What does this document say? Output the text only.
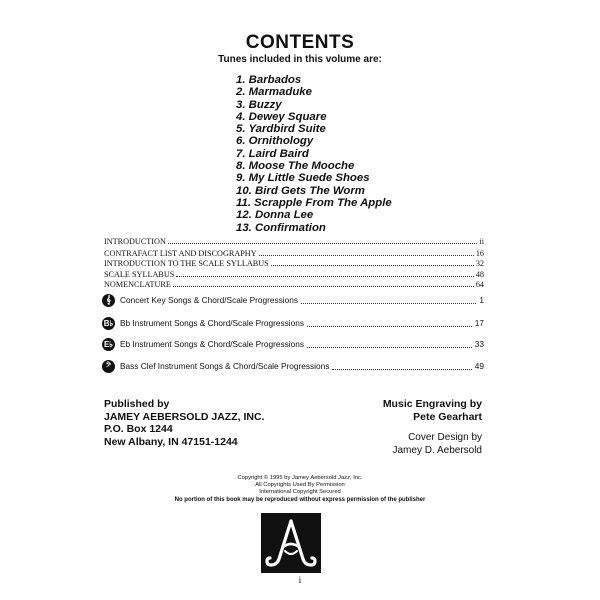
CONTENTS
Tunes included in this volume are:
1. Barbados
2. Marmaduke
3. Buzzy
4. Dewey Square
5. Yardbird Suite
6. Ornithology
7. Laird Baird
8. Moose The Mooche
9. My Little Suede Shoes
10. Bird Gets The Worm
11. Scrapple From The Apple
12. Donna Lee
13. Confirmation
INTRODUCTION	ii
CONTRAFACT LIST AND DISCOGRAPHY	16
INTRODUCTION TO THE SCALE SYLLABUS	32
SCALE SYLLABUS	48
NOMENCLATURE	64
𝄞	Concert Key Songs & Chord/Scale Progressions	1
B♭ Bb Instrument Songs & Chord/Scale Progressions	17
E♭ Eb Instrument Songs & Chord/Scale Progressions	33
𝄢	Bass Clef Instrument Songs & Chord/Scale Progressions	49
Published by
JAMEY AEBERSOLD JAZZ, INC.
P.O. Box 1244
New Albany, IN 47151-1244
Music Engraving by
Pete Gearhart
Cover Design by
Jamey D. Aebersold
Copyright © 1995 by Jamey Aebersold Jazz, Inc.
All Copyrights Used By Permission
International Copyright Secured
No portion of this book may be reproduced without express permission of the publisher
i
